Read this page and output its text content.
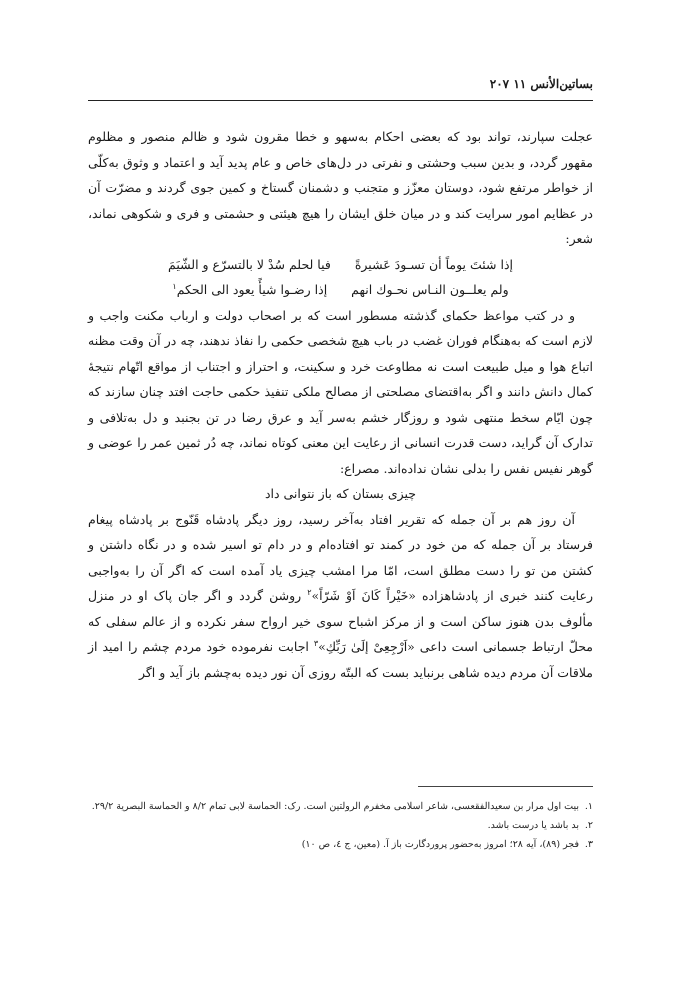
بساتین‌الأنس ١١ ٢٠٧

عجلت سپارند، تواند بود که بعضی احکام به‌سهو و خطا مقرون شود و ظالم منصور و مظلوم مقهور گردد، و بدین سبب وحشتی و نفرتی در دل‌های خاص و عام پدید آید و اعتماد و وثوق به‌کلّی از خواطر مرتفع شود، دوستان معزّز و متجنب و دشمنان گستاخ و کمین جوی گردند و مضرّت آن در عظایم امور سرایت کند و در میان خلق ایشان را هیچ هیئتی و حشمتی و فری و شکوهی نماند، شعر:

إذا شئتَ یوماً أن تسـودَ عَشیرةً
فیا لحلم سُدْ لا بالتسرّع و الشّیَمَ
ولم یعلــون النـاس نحـوك انهم
إذا رضـوا شیأً یعود الی الحکم$^١$

و در کتب مواعظ حکمای گذشته مسطور است که بر اصحاب دولت و ارباب مکنت واجب و لازم است که به‌هنگام فوران غضب در باب هیچ شخصی حکمی را نفاذ ندهند، چه در آن وقت مظنه اتباع هوا و میل طبیعت است نه مطاوعت خرد و سکینت، و احتراز و اجتناب از مواقع اتّهام نتیجهٔ کمال دانش دانند و اگر به‌اقتضای مصلحتی از مصالح ملکی تنفیذ حکمی حاجت افتد چنان سازند که چون ایّام سخط منتهی شود و روزگار خشم به‌سر آید و عرق رضا در تن بجنبد و دل به‌تلافی و تدارک آن گراید، دست قدرت انسانی از رعایت این معنی کوتاه نماند، چه دُر ثمین عمر را عوضی و گوهر نفیس نفس را بدلی نشان نداده‌اند. مصراع:

چیزی بستان که باز نتوانی داد

آن روز هم بر آن جمله که تقریر افتاد به‌آخر رسید، روز دیگر پادشاه قَنّوج بر پادشاه پیغام فرستاد بر آن جمله که من خود در کمند تو افتاده‌ام و در دام تو اسیر شده و در نگاه داشتن و کشتن من تو را دست مطلق است، امّا مرا امشب چیزی یاد آمده است که اگر آن را به‌واجبی رعایت کنند خبری از پادشاهزاده «خَیْراً كَانَ اَوْ شَرّاً»$^٢$ روشن گردد و اگر جان پاک او در منزل مألوف بدن هنوز ساکن است و از مرکز اشباح سوی خیر ارواح سفر نکرده و از عالم سفلی که محلّ ارتباط جسمانی است داعی «اَرْجِعِیْ إلَیٰ رَبِّكِ»$^٣$ اجابت نفرموده خود مردم چشم را امید از ملاقات آن مردم دیده شاهی برنباید بست که البتّه روزی آن نور دیده به‌چشم باز آید و اگر

١.
بیت اول مرار بن سعیدالفقعسی، شاعر اسلامی مخفرم الرولتین است. رک: الحماسة لابی تمام ٨/٢ و الحماسة البصریة ٢٩/٢.
٢.
بد باشد یا درست باشد.
٣.
فجر (٨٩)، آیه ٢٨؛ امروز به‌حضور پروردگارت باز آ. (معین، ج ٤، ص ١٠)
